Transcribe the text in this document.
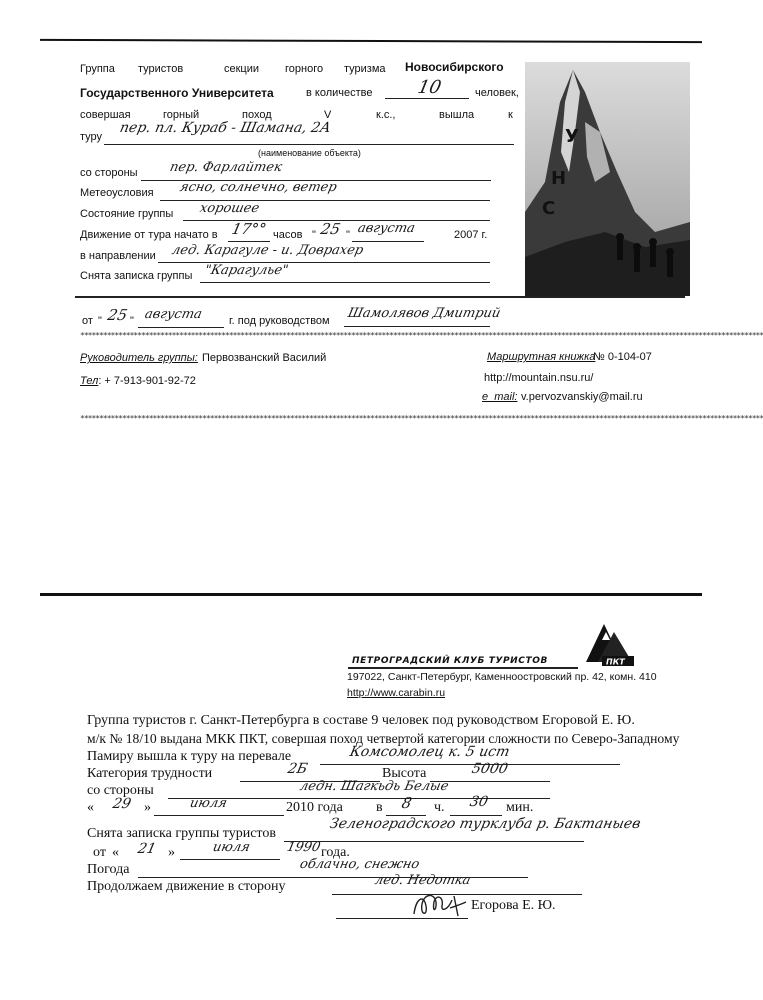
Группа туристов	секции горного туризма Новосибирского
Государственного Университета	в количестве 10	человек,
совершая	горный	поход	V	к.с.,	вышла	к
туру
пер. пл. Кураб - Шамана, 2А
(наименование объекта)
со стороны пер. Фарлайтек
Метеоусловия ясно, солнечно, ветер
Состояние группы хорошее
Движение от тура начато в 17°° часов " 25 " августа	2007 г.
в направлении лед. Карагуле - и. Доврахер
Снята записка группы "Карагулье"
от " 25 " августа г. под руководством Шамолявов Дмитрий
***********************************************************************************************************************************************************************************
Руководитель группы: Первозванский Василий	Маршрутная книжка
№ 0-104-07
http://mountain.nsu.ru/
Тел: + 7-913-901-92-72
e_mail: v.pervozvanskiy@mail.ru
***********************************************************************************************************************************************************************************
У
Н
С
ПКТ
ПЕТРОГРАДСКИЙ КЛУБ ТУРИСТОВ
197022, Санкт-Петербург, Каменноостровский пр. 42, комн. 410
http://www.carabin.ru
Группа туристов г. Санкт-Петербурга в составе 9 человек под руководством Егоровой Е. Ю.
м/к № 18/10 выдана МКК ПКТ, совершая поход четвертой категории сложности по Северо-Западному
Памиру вышла к туру на перевале	Комсомолец к. 5 ист
Категория трудности	2Б	Высота	5000
со стороны	ледн. Шагкьдь Белые
« 29 »	июля	2010 года в 8 ч. 30 мин.
Снята записка группы туристов
Зеленоградского турклуба р. Бактаныев
от « 21 »	июля	1990 года.
Погода	облачно, снежно
Продолжаем движение в сторону	лед. Недотка
Егорова Е. Ю.
